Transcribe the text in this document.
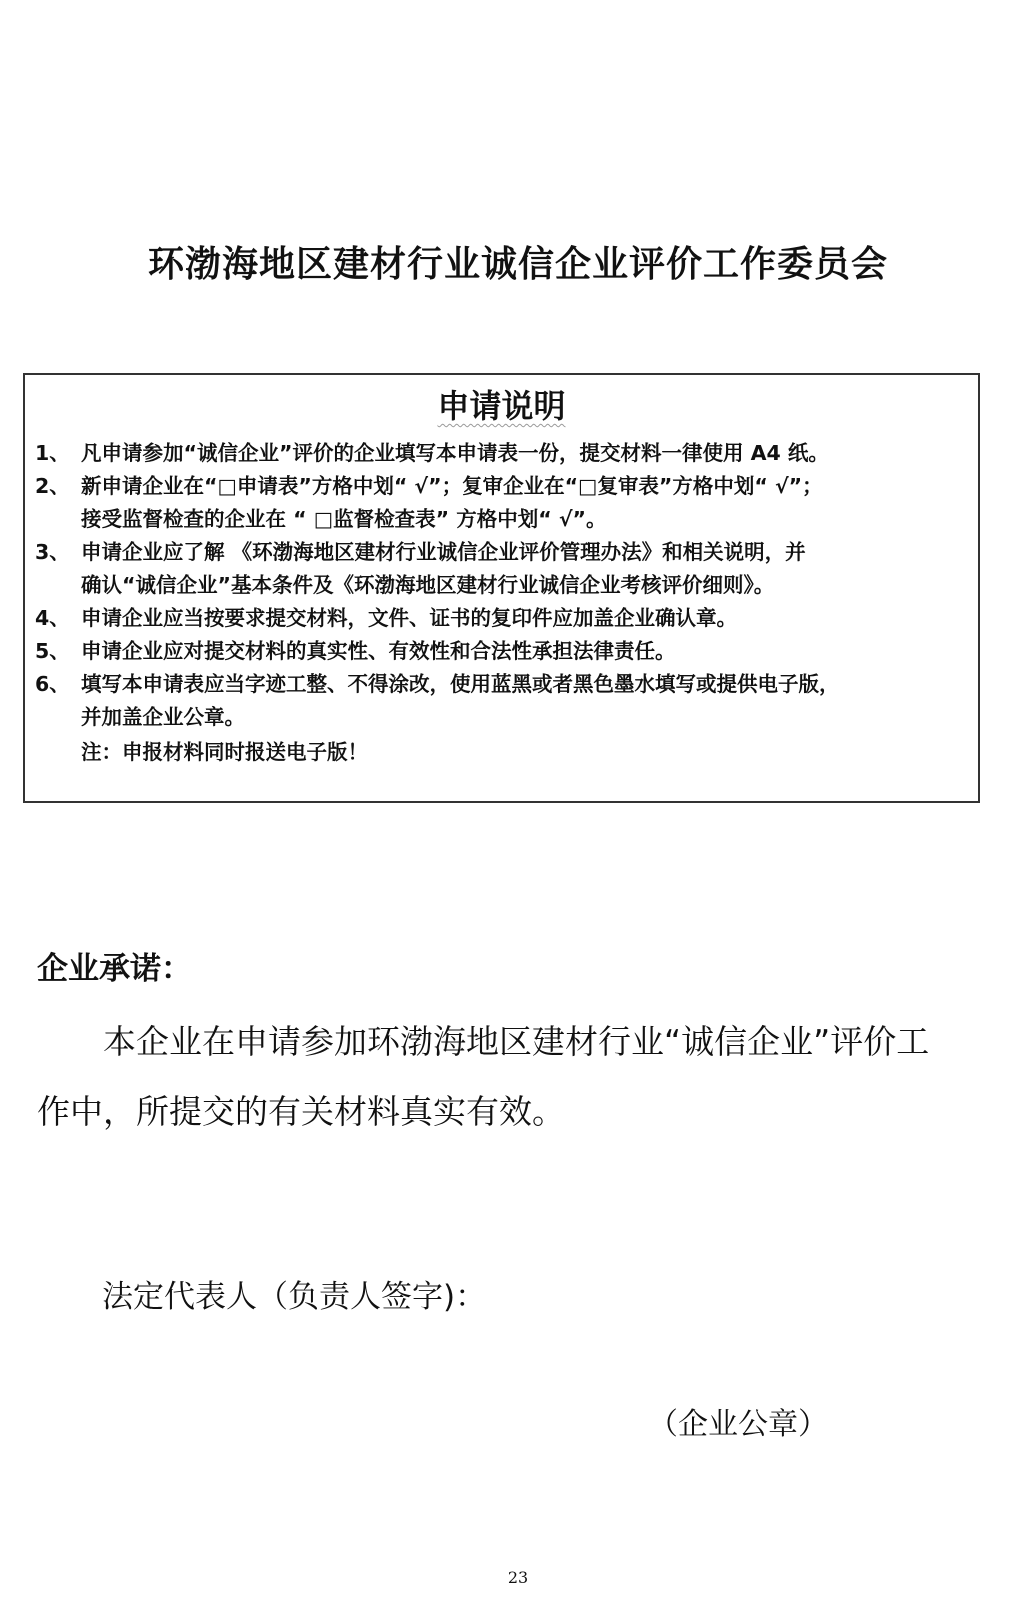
环渤海地区建材行业诚信企业评价工作委员会
申请说明
1、 凡申请参加“诚信企业”评价的企业填写本申请表一份，提交材料一律使用 A4 纸。
2、 新申请企业在“□申请表”方格中划“ √”；复审企业在“□复审表”方格中划“ √”；
接受监督检查的企业在 “ □监督检查表” 方格中划“ √”。
3、 申请企业应了解 《环渤海地区建材行业诚信企业评价管理办法》和相关说明，并
确认“诚信企业”基本条件及《环渤海地区建材行业诚信企业考核评价细则》。
4、 申请企业应当按要求提交材料，文件、证书的复印件应加盖企业确认章。
5、 申请企业应对提交材料的真实性、有效性和合法性承担法律责任。
6、 填写本申请表应当字迹工整、不得涂改，使用蓝黑或者黑色墨水填写或提供电子版，
并加盖企业公章。

注：申报材料同时报送电子版！

企业承诺：

本企业在申请参加环渤海地区建材行业“诚信企业”评价工
作中，所提交的有关材料真实有效。

法定代表人（负责人签字)：

（企业公章）

23
